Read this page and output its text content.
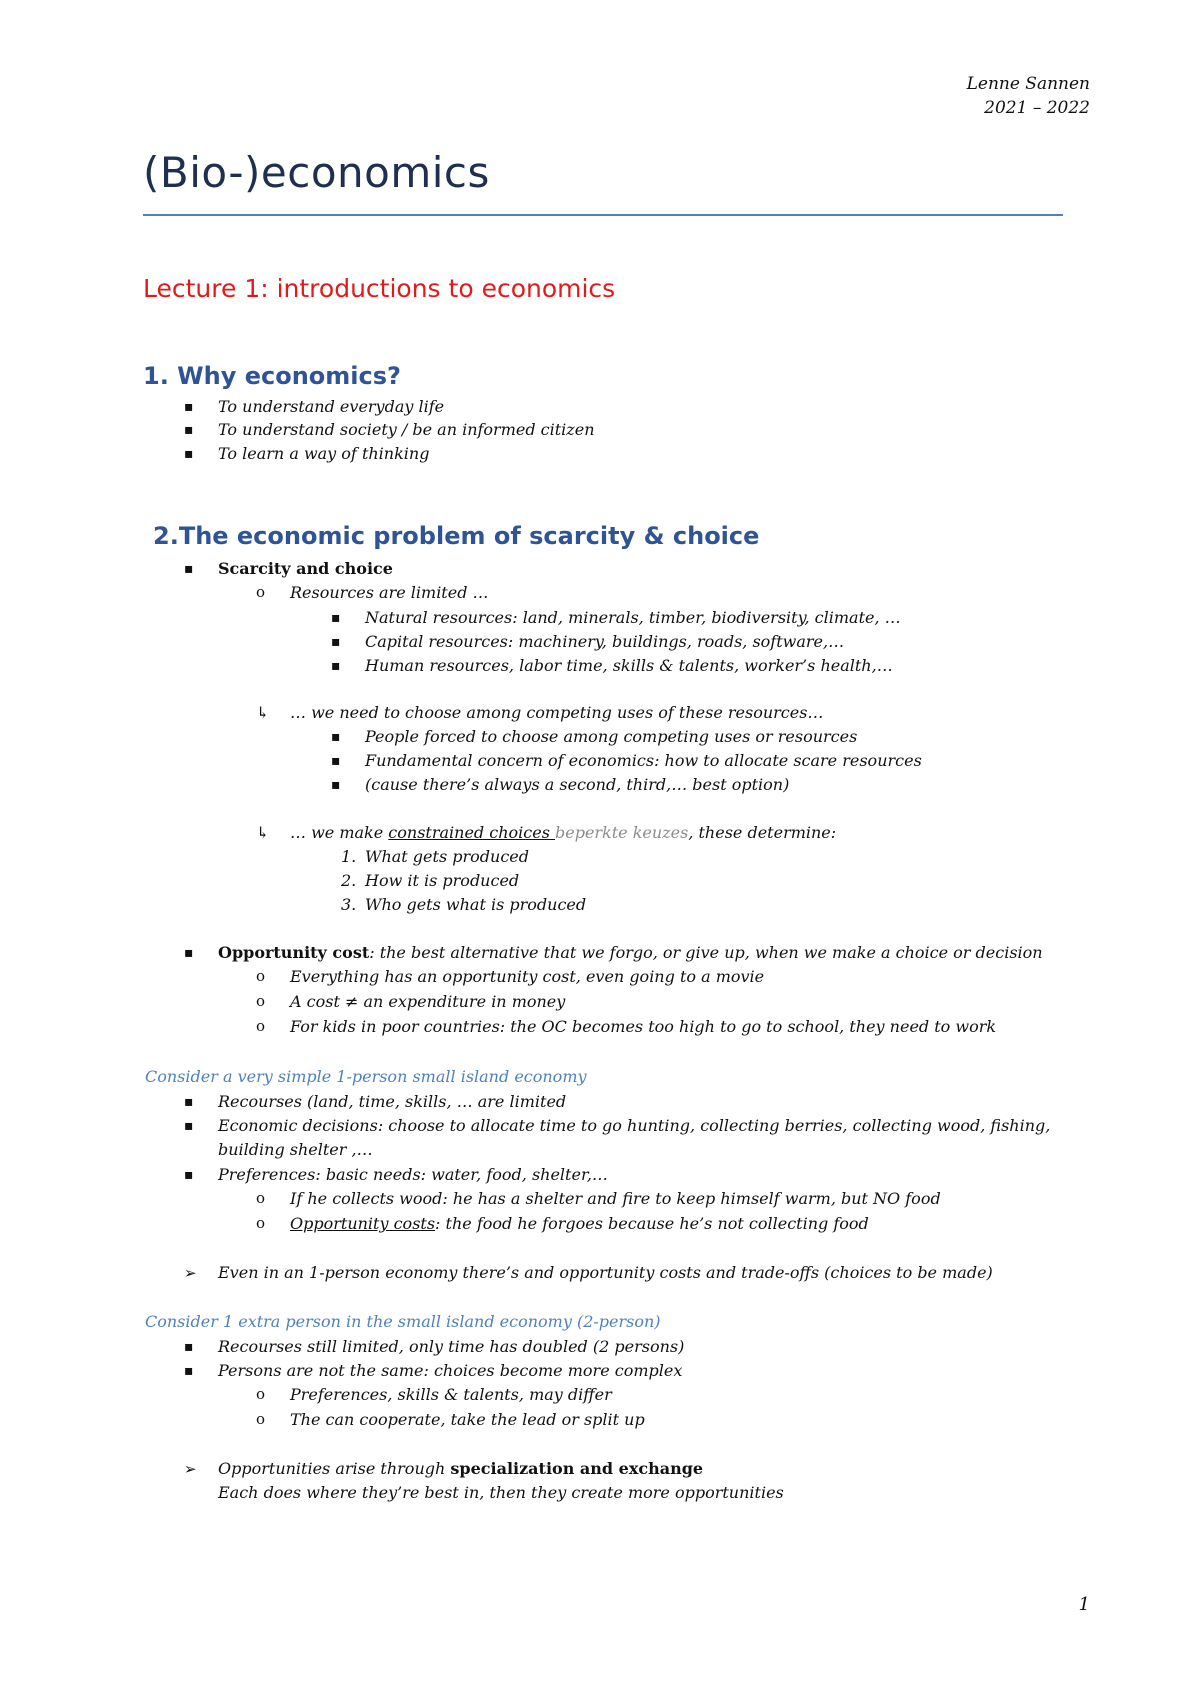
Lenne Sannen
2021 – 2022
(Bio-)economics
Lecture 1: introductions to economics
1. Why economics?
▪ To understand everyday life
▪ To understand society / be an informed citizen
▪ To learn a way of thinking
2.The economic problem of scarcity & choice
▪ Scarcity and choice
o Resources are limited …
▪ Natural resources: land, minerals, timber, biodiversity, climate, …
▪ Capital resources: machinery, buildings, roads, software,…
▪ Human resources, labor time, skills & talents, worker’s health,…
↳ … we need to choose among competing uses of these resources…
▪ People forced to choose among competing uses or resources
▪ Fundamental concern of economics: how to allocate scare resources
▪ (cause there’s always a second, third,… best option)
↳ … we make constrained choices beperkte keuzes, these determine:
1. What gets produced
2. How it is produced
3. Who gets what is produced
▪ Opportunity cost: the best alternative that we forgo, or give up, when we make a choice or decision
o Everything has an opportunity cost, even going to a movie
o A cost ≠ an expenditure in money
o For kids in poor countries: the OC becomes too high to go to school, they need to work
Consider a very simple 1-person small island economy
▪ Recourses (land, time, skills, … are limited
▪ Economic decisions: choose to allocate time to go hunting, collecting berries, collecting wood, fishing,
building shelter ,…
▪ Preferences: basic needs: water, food, shelter,…
o If he collects wood: he has a shelter and fire to keep himself warm, but NO food
o Opportunity costs: the food he forgoes because he’s not collecting food
➢ Even in an 1-person economy there’s and opportunity costs and trade-offs (choices to be made)
Consider 1 extra person in the small island economy (2-person)
▪ Recourses still limited, only time has doubled (2 persons)
▪ Persons are not the same: choices become more complex
o Preferences, skills & talents, may differ
o The can cooperate, take the lead or split up
➢ Opportunities arise through specialization and exchange
Each does where they’re best in, then they create more opportunities
1
